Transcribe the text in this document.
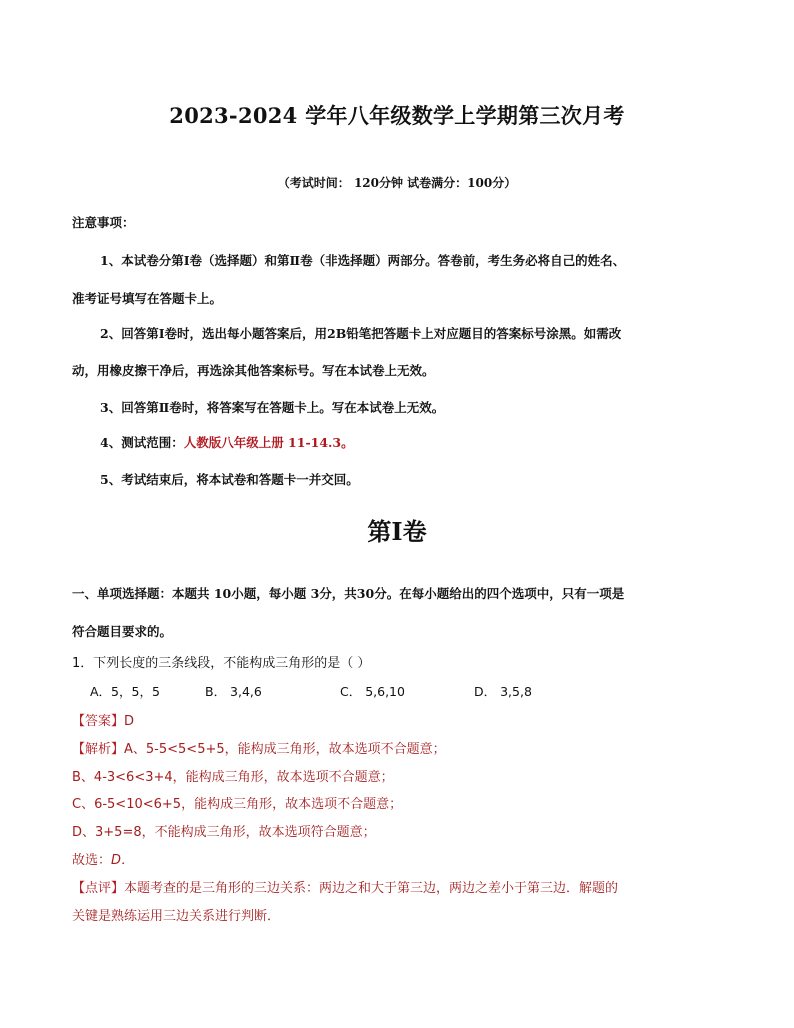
2023-2024 学年八年级数学上学期第三次月考
（考试时间： 120分钟 试卷满分：100分）
注意事项：
1、本试卷分第Ⅰ卷（选择题）和第Ⅱ卷（非选择题）两部分。答卷前，考生务必将自己的姓名、
准考证号填写在答题卡上。
2、回答第Ⅰ卷时，选出每小题答案后，用2B铅笔把答题卡上对应题目的答案标号涂黑。如需改
动，用橡皮擦干净后，再选涂其他答案标号。写在本试卷上无效。
3、回答第Ⅱ卷时，将答案写在答题卡上。写在本试卷上无效。
4、测试范围：人教版八年级上册 11-14.3。
5、考试结束后，将本试卷和答题卡一并交回。
第Ⅰ卷
一、单项选择题：本题共 10小题，每小题 3分，共30分。在每小题给出的四个选项中，只有一项是
符合题目要求的。
1．下列长度的三条线段，不能构成三角形的是（ ）
A．5，5，5	B． 3,4,6	C． 5,6,10	D． 3,5,8
【答案】D
【解析】A、5-5<5<5+5，能构成三角形，故本选项不合题意；
B、4-3<6<3+4，能构成三角形，故本选项不合题意；
C、6-5<10<6+5，能构成三角形，故本选项不合题意；
D、3+5=8，不能构成三角形，故本选项符合题意；
故选：D．
【点评】本题考查的是三角形的三边关系：两边之和大于第三边，两边之差小于第三边．解题的
关键是熟练运用三边关系进行判断．
